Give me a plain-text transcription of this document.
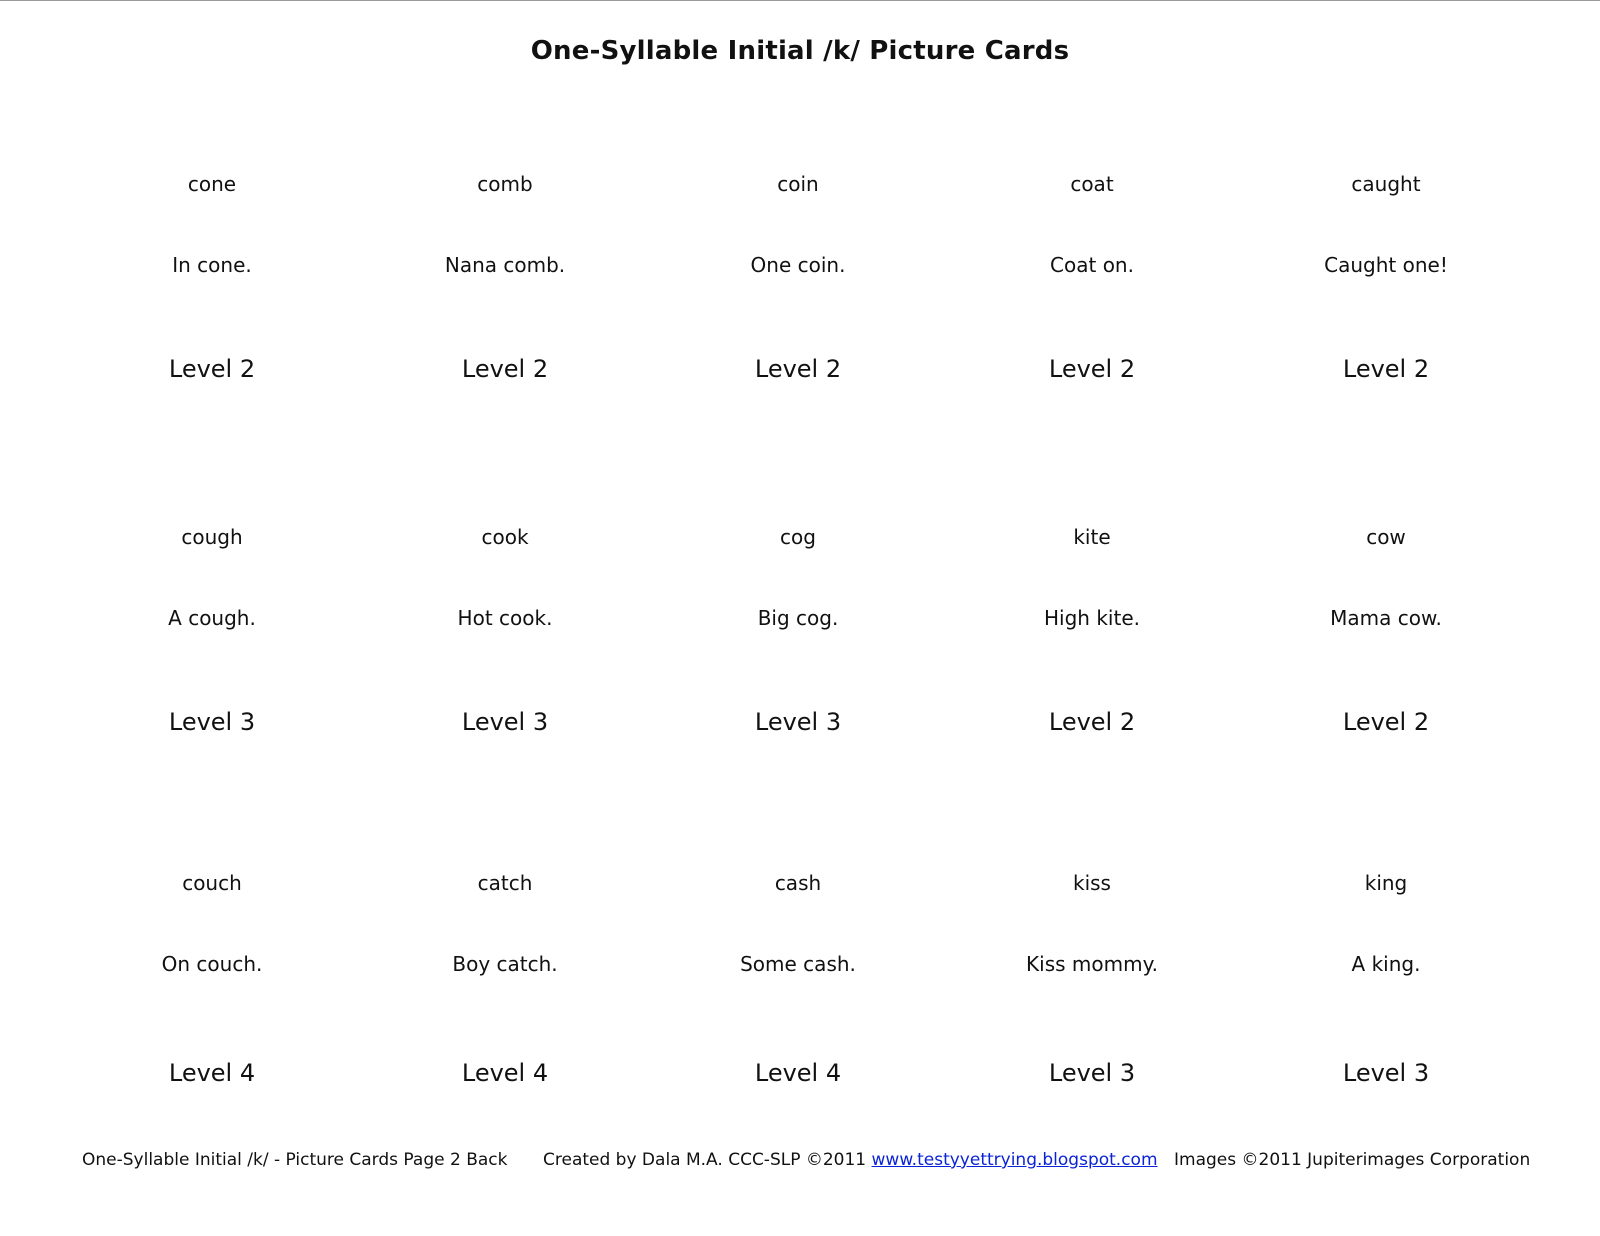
One-Syllable Initial /k/ Picture Cards
cone
In cone.
Level 2
comb
Nana comb.
Level 2
coin
One coin.
Level 2
coat
Coat on.
Level 2
caught
Caught one!
Level 2
cough
A cough.
Level 3
cook
Hot cook.
Level 3
cog
Big cog.
Level 3
kite
High kite.
Level 2
cow
Mama cow.
Level 2
couch
On couch.
Level 4
catch
Boy catch.
Level 4
cash
Some cash.
Level 4
kiss
Kiss mommy.
Level 3
king
A king.
Level 3
One-Syllable Initial /k/ - Picture Cards Page 2 Back Created by Dala M.A. CCC-SLP ©2011 www.testyyettrying.blogspot.com Images ©2011 Jupiterimages Corporation
